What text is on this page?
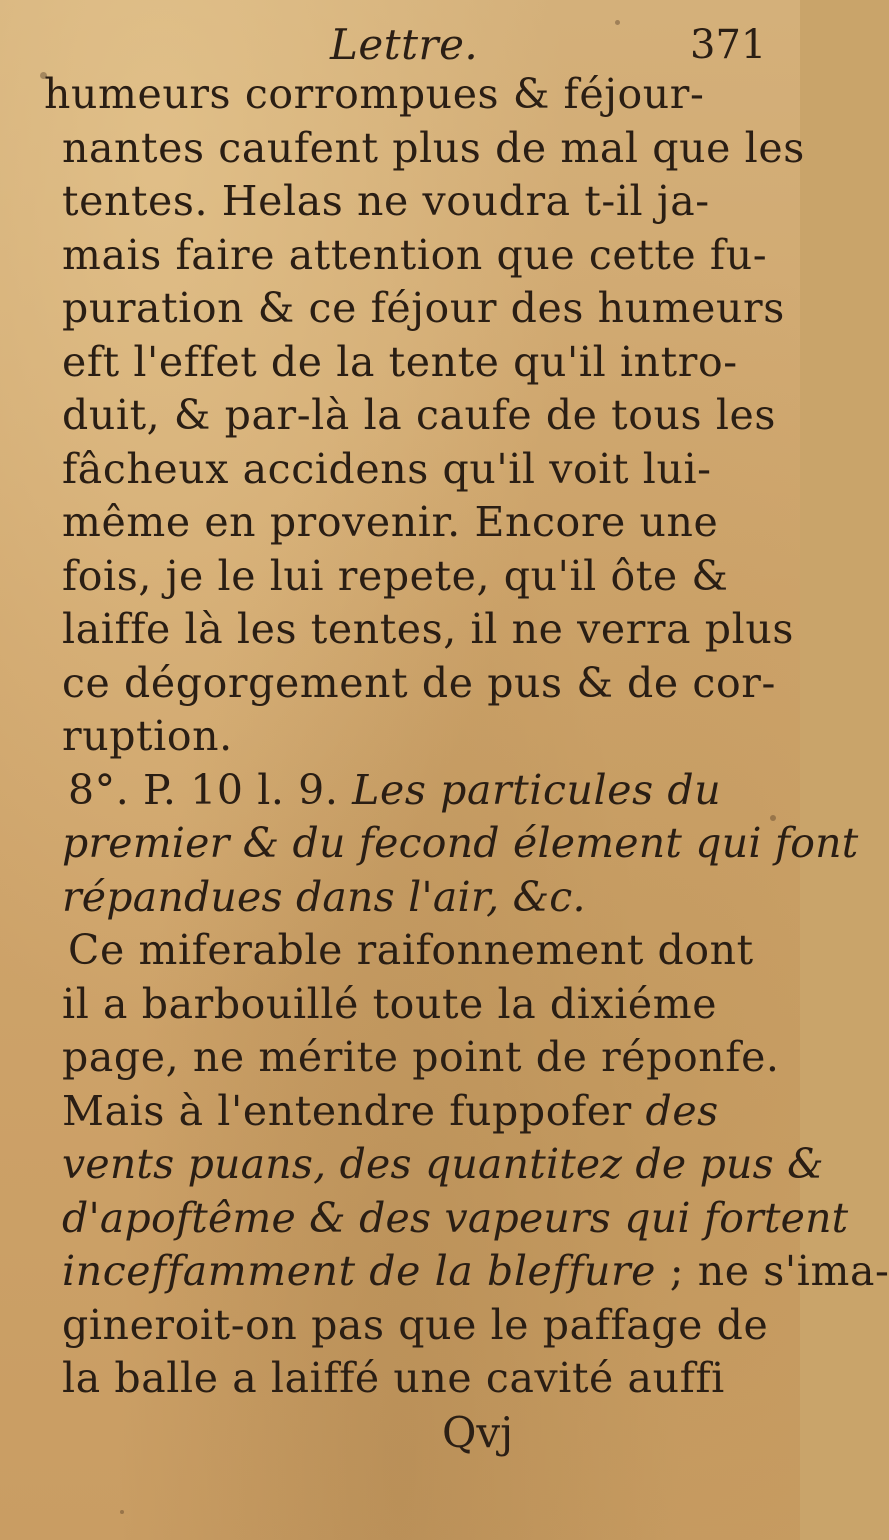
Lettre.	371
humeurs corrompues & féjour-
nantes caufent plus de mal que les
tentes. Helas ne voudra t-il ja-
mais faire attention que cette fu-
puration & ce féjour des humeurs
eft l'effet de la tente qu'il intro-
duit, & par-là la caufe de tous les
fâcheux accidens qu'il voit lui-
même en provenir. Encore une
fois, je le lui repete, qu'il ôte &
laiffe là les tentes, il ne verra plus
ce dégorgement de pus & de cor-
ruption.
8°. P. 10 l. 9. Les particules du
premier & du fecond élement qui font
répandues dans l'air, &c.
Ce miferable raifonnement dont
il a barbouillé toute la dixiéme
page, ne mérite point de réponfe.
Mais à l'entendre fuppofer des
vents puans, des quantitez de pus &
d'apoftême & des vapeurs qui fortent
inceffamment de la bleffure ; ne s'ima-
gineroit-on pas que le paffage de
la balle a laiffé une cavité auffi
Qvj
